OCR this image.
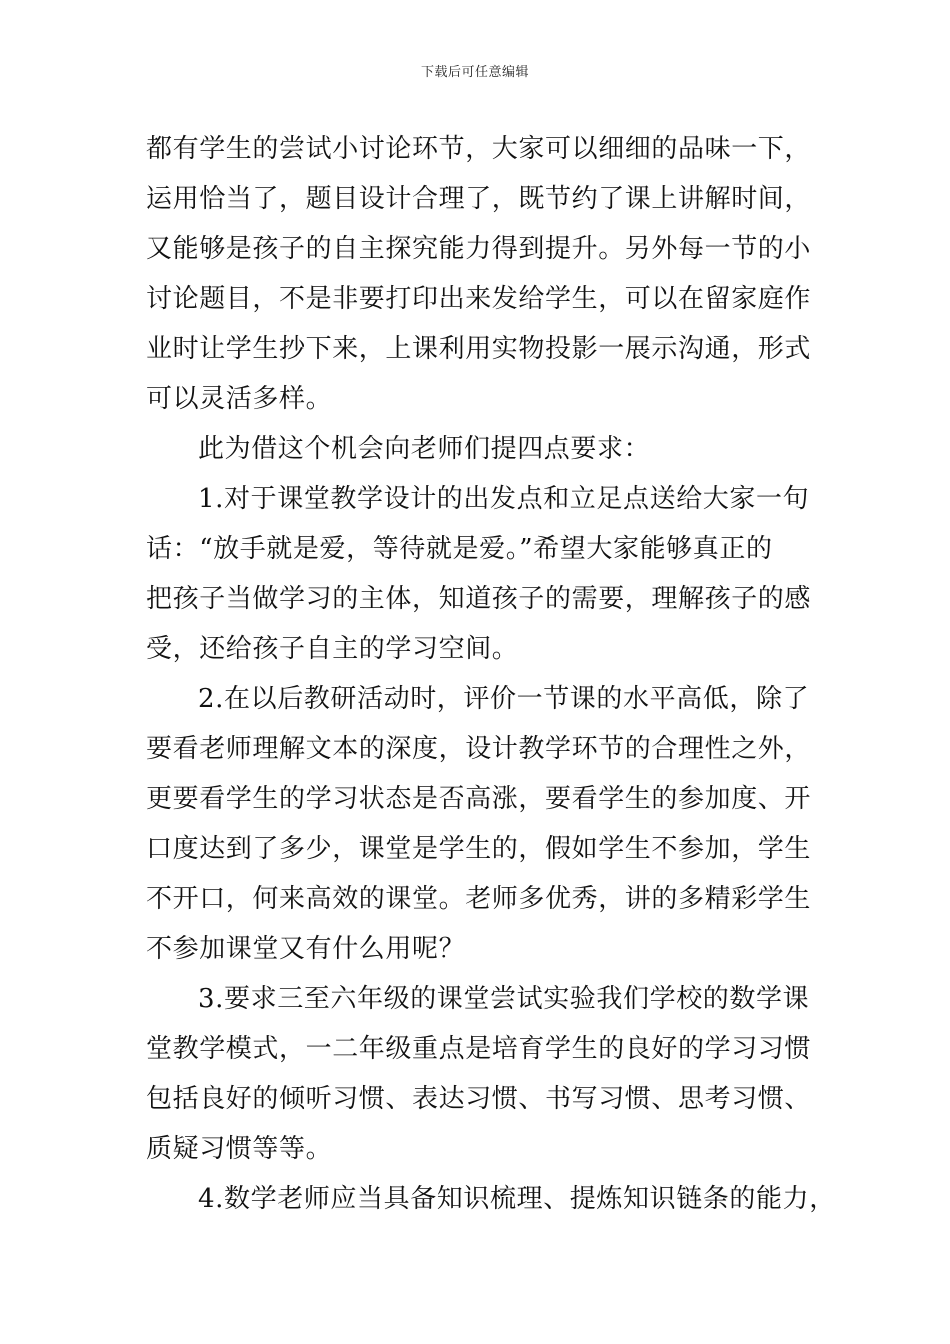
下载后可任意编辑
都有学生的尝试小讨论环节，大家可以细细的品味一下，
运用恰当了，题目设计合理了，既节约了课上讲解时间，
又能够是孩子的自主探究能力得到提升。另外每一节的小
讨论题目，不是非要打印出来发给学生，可以在留家庭作
业时让学生抄下来，上课利用实物投影一展示沟通，形式
可以灵活多样。
此为借这个机会向老师们提四点要求：
1.对于课堂教学设计的出发点和立足点送给大家一句
话：“放手就是爱，等待就是爱。”希望大家能够真正的
把孩子当做学习的主体，知道孩子的需要，理解孩子的感
受，还给孩子自主的学习空间。
2.在以后教研活动时，评价一节课的水平高低，除了
要看老师理解文本的深度，设计教学环节的合理性之外，
更要看学生的学习状态是否高涨，要看学生的参加度、开
口度达到了多少，课堂是学生的，假如学生不参加，学生
不开口，何来高效的课堂。老师多优秀，讲的多精彩学生
不参加课堂又有什么用呢？
3.要求三至六年级的课堂尝试实验我们学校的数学课
堂教学模式，一二年级重点是培育学生的良好的学习习惯
包括良好的倾听习惯、表达习惯、书写习惯、思考习惯、
质疑习惯等等。
4.数学老师应当具备知识梳理、提炼知识链条的能力，
